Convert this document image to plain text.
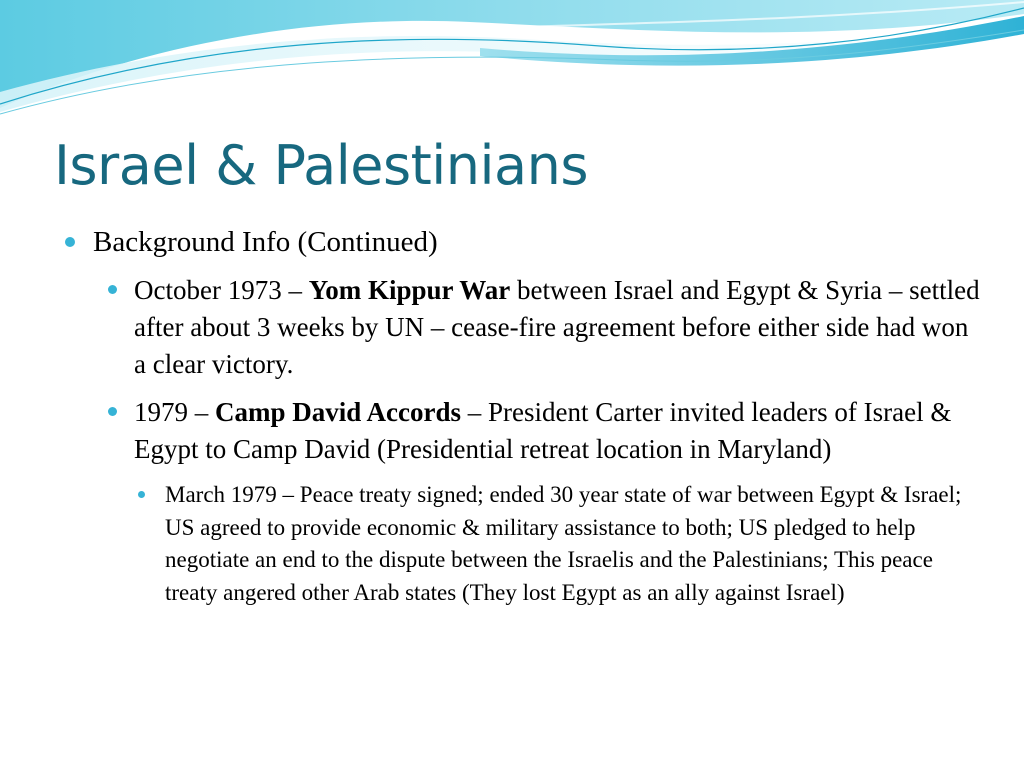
Israel & Palestinians
Background Info (Continued)
October 1973 – Yom Kippur War between Israel and Egypt & Syria – settled after about 3 weeks by UN – cease-fire agreement before either side had won a clear victory.
1979 – Camp David Accords – President Carter invited leaders of Israel & Egypt to Camp David (Presidential retreat location in Maryland)
March 1979 – Peace treaty signed; ended 30 year state of war between Egypt & Israel; US agreed to provide economic & military assistance to both; US pledged to help negotiate an end to the dispute between the Israelis and the Palestinians; This peace treaty angered other Arab states (They lost Egypt as an ally against Israel)
